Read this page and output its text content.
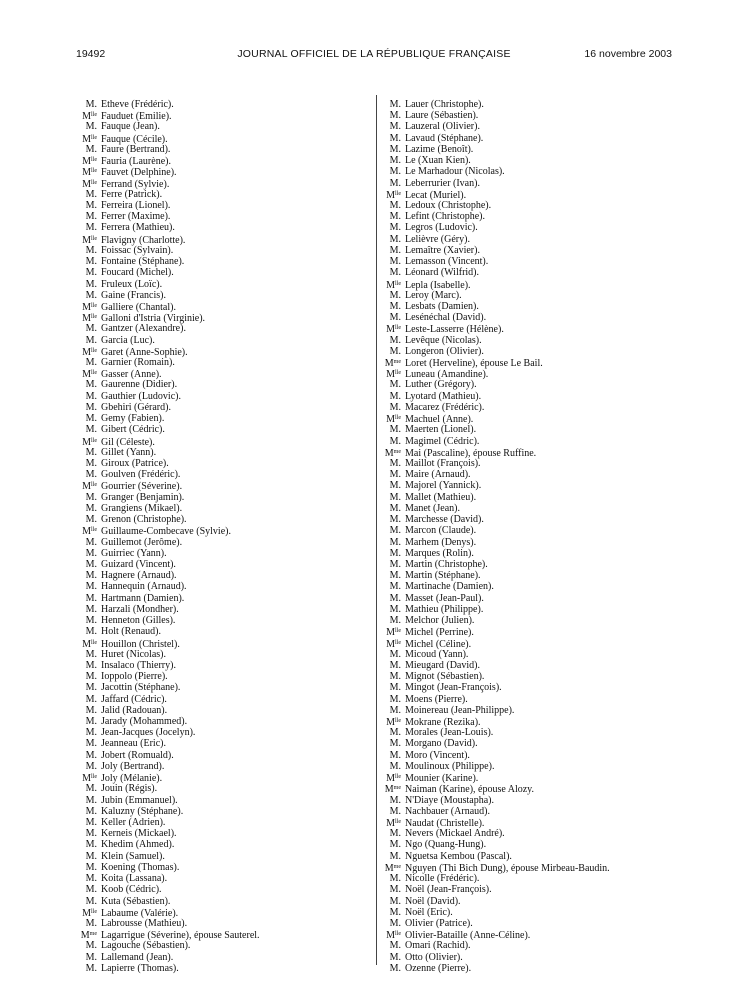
19492	JOURNAL OFFICIEL DE LA RÉPUBLIQUE FRANÇAISE	16 novembre 2003
M. Etheve (Frédéric).
$M^{lle}$ Fauduet (Emilie).
M. Fauque (Jean).
$M^{lle}$ Fauque (Cécile).
M. Faure (Bertrand).
$M^{lle}$ Fauria (Laurène).
$M^{lle}$ Fauvet (Delphine).
$M^{lle}$ Ferrand (Sylvie).
M. Ferre (Patrick).
M. Ferreira (Lionel).
M. Ferrer (Maxime).
M. Ferrera (Mathieu).
$M^{lle}$ Flavigny (Charlotte).
M. Foissac (Sylvain).
M. Fontaine (Stéphane).
M. Foucard (Michel).
M. Fruleux (Loïc).
M. Gaine (Francis).
$M^{lle}$ Galliere (Chantal).
$M^{lle}$ Galloni d'Istria (Virginie).
M. Gantzer (Alexandre).
M. Garcia (Luc).
$M^{lle}$ Garet (Anne-Sophie).
M. Garnier (Romain).
$M^{lle}$ Gasser (Anne).
M. Gaurenne (Didier).
M. Gauthier (Ludovic).
M. Gbehiri (Gérard).
M. Gemy (Fabien).
M. Gibert (Cédric).
$M^{lle}$ Gil (Céleste).
M. Gillet (Yann).
M. Giroux (Patrice).
M. Goulven (Frédéric).
$M^{lle}$ Gourrier (Séverine).
M. Granger (Benjamin).
M. Grangiens (Mikael).
M. Grenon (Christophe).
$M^{lle}$ Guillaume-Combecave (Sylvie).
M. Guillemot (Jerôme).
M. Guirriec (Yann).
M. Guizard (Vincent).
M. Hagnere (Arnaud).
M. Hannequin (Arnaud).
M. Hartmann (Damien).
M. Harzali (Mondher).
M. Henneton (Gilles).
M. Holt (Renaud).
$M^{lle}$ Houillon (Christel).
M. Huret (Nicolas).
M. Insalaco (Thierry).
M. Ioppolo (Pierre).
M. Jacottin (Stéphane).
M. Jaffard (Cédric).
M. Jalid (Radouan).
M. Jarady (Mohammed).
M. Jean-Jacques (Jocelyn).
M. Jeanneau (Eric).
M. Jobert (Romuald).
M. Joly (Bertrand).
$M^{lle}$ Joly (Mélanie).
M. Jouin (Régis).
M. Jubin (Emmanuel).
M. Kaluzny (Stéphane).
M. Keller (Adrien).
M. Kerneis (Mickael).
M. Khedim (Ahmed).
M. Klein (Samuel).
M. Koening (Thomas).
M. Koita (Lassana).
M. Koob (Cédric).
M. Kuta (Sébastien).
$M^{lle}$ Labaume (Valérie).
M. Labrousse (Mathieu).
$M^{me}$ Lagarrigue (Séverine), épouse Sauterel.
M. Lagouche (Sébastien).
M. Lallemand (Jean).
M. Lapierre (Thomas).
M. Lauer (Christophe).
M. Laure (Sébastien).
M. Lauzeral (Olivier).
M. Lavaud (Stéphane).
M. Lazime (Benoît).
M. Le (Xuan Kien).
M. Le Marhadour (Nicolas).
M. Leberrurier (Ivan).
$M^{lle}$ Lecat (Muriel).
M. Ledoux (Christophe).
M. Lefint (Christophe).
M. Legros (Ludovic).
M. Lelièvre (Géry).
M. Lemaître (Xavier).
M. Lemasson (Vincent).
M. Léonard (Wilfrid).
$M^{lle}$ Lepla (Isabelle).
M. Leroy (Marc).
M. Lesbats (Damien).
M. Lesénéchal (David).
$M^{lle}$ Leste-Lasserre (Hélène).
M. Levêque (Nicolas).
M. Longeron (Olivier).
$M^{me}$ Loret (Herveline), épouse Le Bail.
$M^{lle}$ Luneau (Amandine).
M. Luther (Grégory).
M. Lyotard (Mathieu).
M. Macarez (Frédéric).
$M^{lle}$ Machuel (Anne).
M. Maerten (Lionel).
M. Magimel (Cédric).
$M^{me}$ Mai (Pascaline), épouse Ruffine.
M. Maillot (François).
M. Maire (Arnaud).
M. Majorel (Yannick).
M. Mallet (Mathieu).
M. Manet (Jean).
M. Marchesse (David).
M. Marcon (Claude).
M. Marhem (Denys).
M. Marques (Rolin).
M. Martin (Christophe).
M. Martin (Stéphane).
M. Martinache (Damien).
M. Masset (Jean-Paul).
M. Mathieu (Philippe).
M. Melchor (Julien).
$M^{lle}$ Michel (Perrine).
$M^{lle}$ Michel (Céline).
M. Micoud (Yann).
M. Mieugard (David).
M. Mignot (Sébastien).
M. Mingot (Jean-François).
M. Moens (Pierre).
M. Moinereau (Jean-Philippe).
$M^{lle}$ Mokrane (Rezika).
M. Morales (Jean-Louis).
M. Morgano (David).
M. Moro (Vincent).
M. Moulinoux (Philippe).
$M^{lle}$ Mounier (Karine).
$M^{me}$ Naiman (Karine), épouse Alozy.
M. N'Diaye (Moustapha).
M. Nachbauer (Arnaud).
$M^{lle}$ Naudat (Christelle).
M. Nevers (Mickael André).
M. Ngo (Quang-Hung).
M. Nguetsa Kembou (Pascal).
$M^{me}$ Nguyen (Thi Bich Dung), épouse Mirbeau-Baudin.
M. Nicolle (Frédéric).
M. Noël (Jean-François).
M. Noël (David).
M. Noël (Eric).
M. Olivier (Patrice).
$M^{lle}$ Olivier-Bataille (Anne-Céline).
M. Omari (Rachid).
M. Otto (Olivier).
M. Ozenne (Pierre).
